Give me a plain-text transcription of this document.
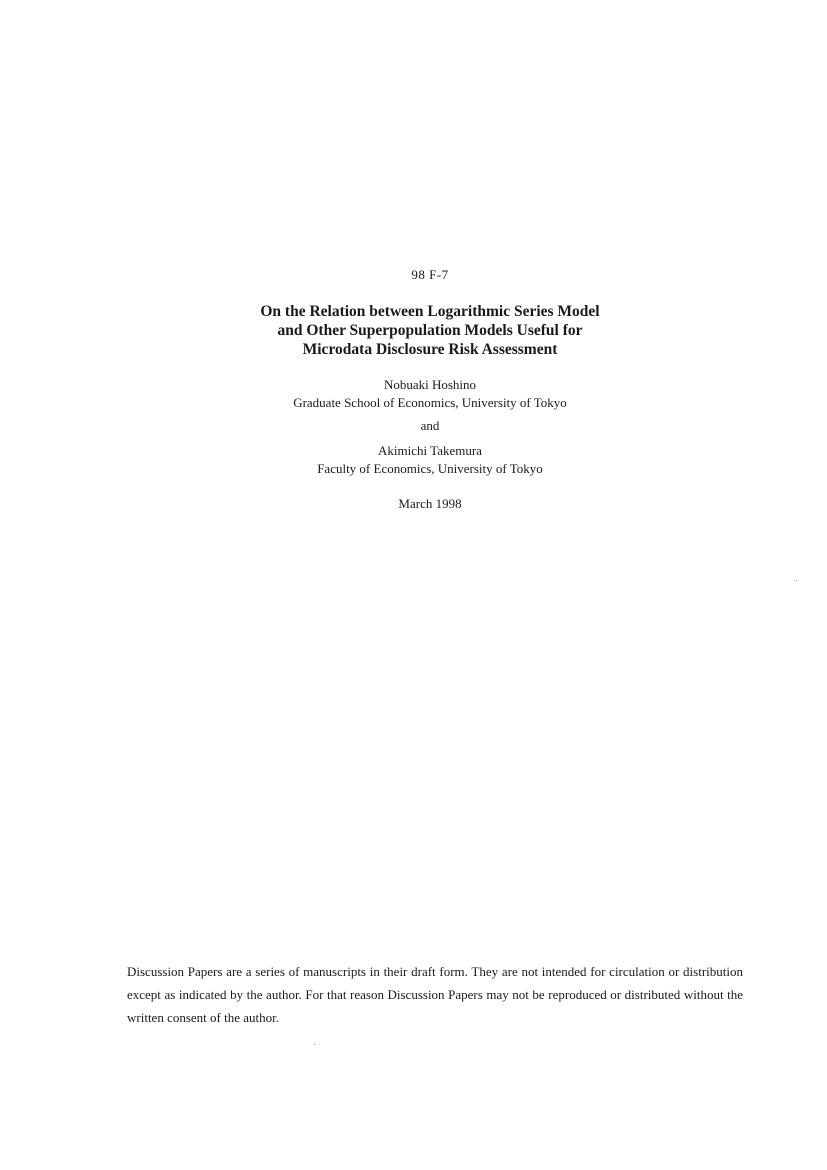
98 F-7
On the Relation between Logarithmic Series Model
and Other Superpopulation Models Useful for
Microdata Disclosure Risk Assessment
Nobuaki Hoshino
Graduate School of Economics, University of Tokyo
and
Akimichi Takemura
Faculty of Economics, University of Tokyo
March 1998
Discussion Papers are a series of manuscripts in their draft form. They are not intended for circulation or distribution except as indicated by the author. For that reason Discussion Papers may not be reproduced or distributed without the written consent of the author.
